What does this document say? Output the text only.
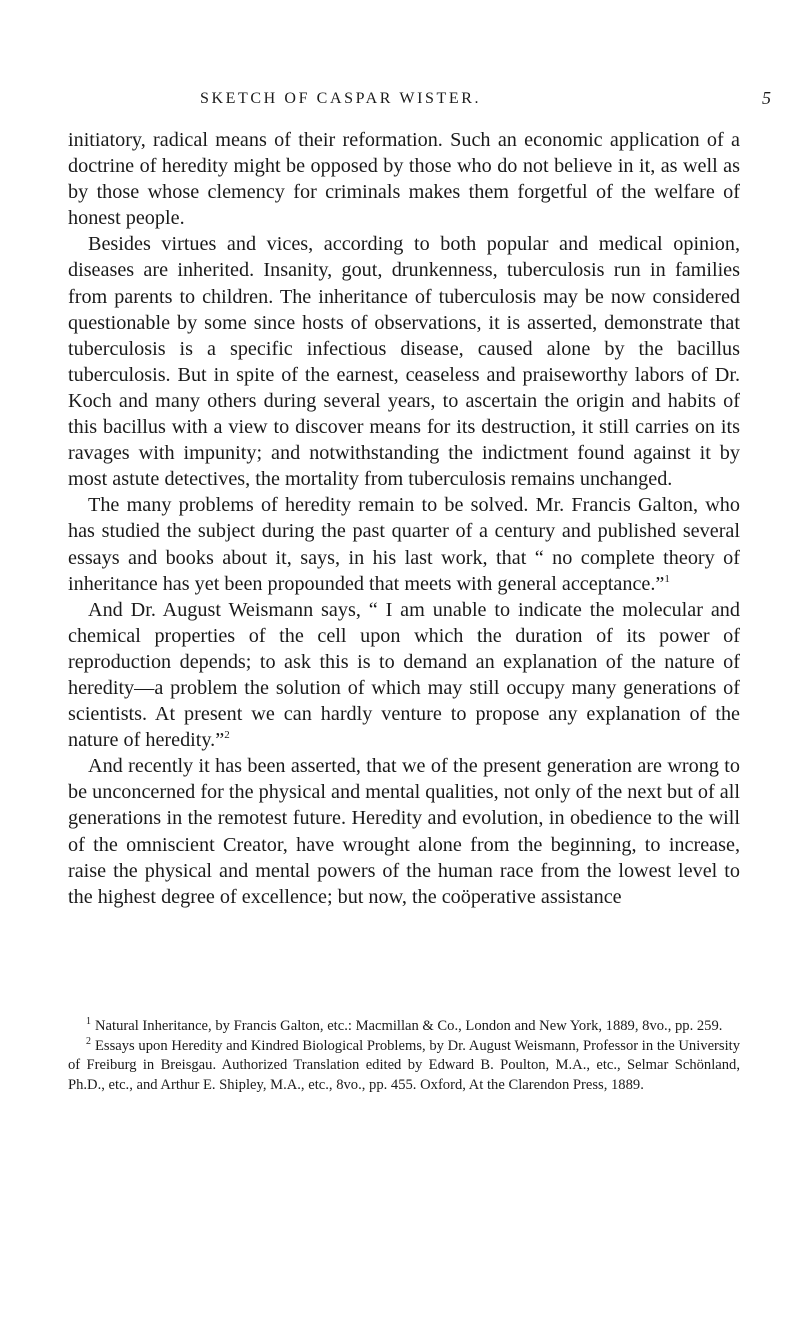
SKETCH OF CASPAR WISTER.	5

initiatory, radical means of their reformation. Such an economic application of a doctrine of heredity might be opposed by those who do not believe in it, as well as by those whose clemency for criminals makes them forgetful of the welfare of honest people.

Besides virtues and vices, according to both popular and medical opinion, diseases are inherited. Insanity, gout, drunkenness, tuberculosis run in families from parents to children. The inheritance of tuberculosis may be now considered questionable by some since hosts of observations, it is asserted, demonstrate that tuberculosis is a specific infectious disease, caused alone by the bacillus tuberculosis. But in spite of the earnest, ceaseless and praiseworthy labors of Dr. Koch and many others during several years, to ascertain the origin and habits of this bacillus with a view to discover means for its destruction, it still carries on its ravages with impunity; and notwithstanding the indictment found against it by most astute detectives, the mortality from tuberculosis remains unchanged.

The many problems of heredity remain to be solved. Mr. Francis Galton, who has studied the subject during the past quarter of a century and published several essays and books about it, says, in his last work, that “ no complete theory of inheritance has yet been propounded that meets with general acceptance.”$^1$

And Dr. August Weismann says, “ I am unable to indicate the molecular and chemical properties of the cell upon which the duration of its power of reproduction depends; to ask this is to demand an explanation of the nature of heredity—a problem the solution of which may still occupy many generations of scientists. At present we can hardly venture to propose any explanation of the nature of heredity.”$^2$

And recently it has been asserted, that we of the present generation are wrong to be unconcerned for the physical and mental qualities, not only of the next but of all generations in the remotest future. Heredity and evolution, in obedience to the will of the omniscient Creator, have wrought alone from the beginning, to increase, raise the physical and mental powers of the human race from the lowest level to the highest degree of excellence; but now, the coöperative assistance

$^1$ Natural Inheritance, by Francis Galton, etc.: Macmillan & Co., London and New York, 1889, 8vo., pp. 259.

$^2$ Essays upon Heredity and Kindred Biological Problems, by Dr. August Weismann, Professor in the University of Freiburg in Breisgau. Authorized Translation edited by Edward B. Poulton, M.A., etc., Selmar Schönland, Ph.D., etc., and Arthur E. Shipley, M.A., etc., 8vo., pp. 455. Oxford, At the Clarendon Press, 1889.
